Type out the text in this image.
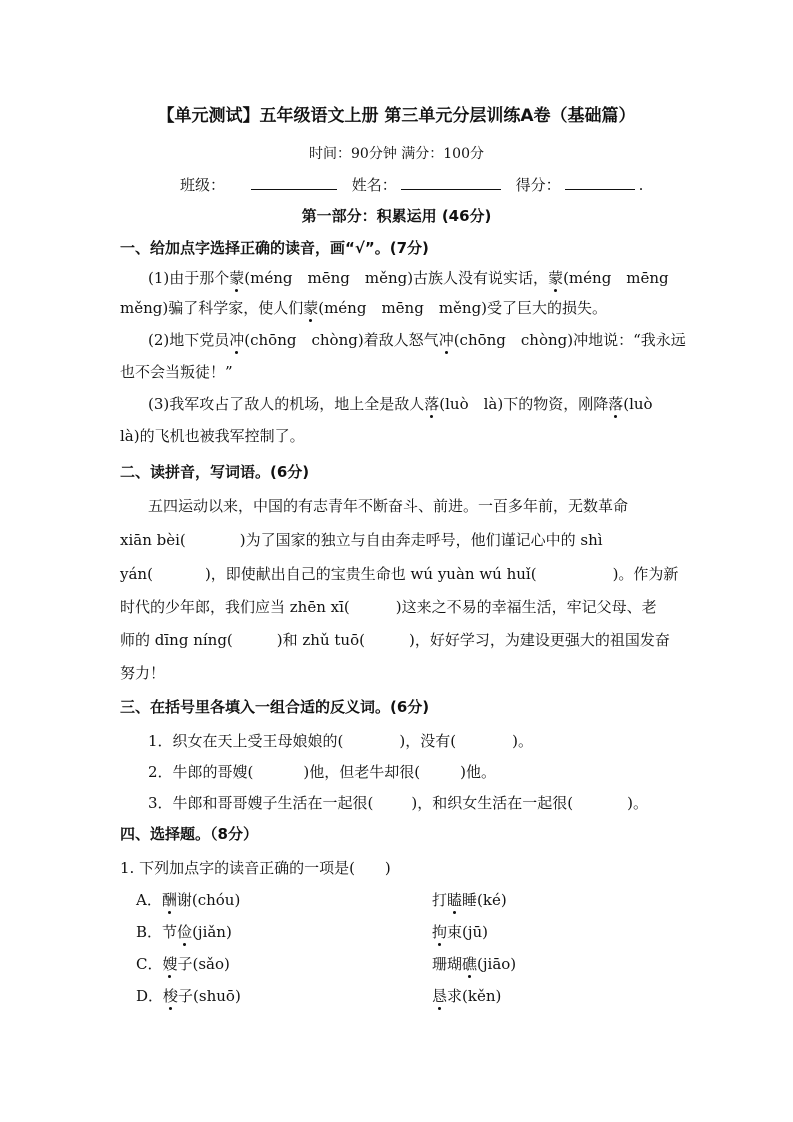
【单元测试】五年级语文上册 第三单元分层训练A卷（基础篇）
时间：90分钟 满分：100分
班级：	姓名：	得分：	.
第一部分：积累运用 (46分)
一、给加点字选择正确的读音，画“√”。(7分)
(1)由于那个蒙(méng　mēng　měng)古族人没有说实话，蒙(méng　mēng
měng)骗了科学家，使人们蒙(méng　mēng　měng)受了巨大的损失。
(2)地下党员冲(chōng　chòng)着敌人怒气冲(chōng　chòng)冲地说：“我永远
也不会当叛徒！”
(3)我军攻占了敌人的机场，地上全是敌人落(luò　là)下的物资，刚降落(luò
là)的飞机也被我军控制了。
二、读拼音，写词语。(6分)
五四运动以来，中国的有志青年不断奋斗、前进。一百多年前，无数革命
xiān bèi(	)为了国家的独立与自由奔走呼号，他们谨记心中的 shì
yán(	)，即使献出自己的宝贵生命也 wú yuàn wú huǐ(	)。作为新
时代的少年郎，我们应当 zhēn xī(	)这来之不易的幸福生活，牢记父母、老
师的 dīng níng(	)和 zhǔ tuō(	)，好好学习，为建设更强大的祖国发奋
努力！
三、在括号里各填入一组合适的反义词。(6分)
1．织女在天上受王母娘娘的(	)，没有(	)。
2．牛郎的哥嫂(	)他，但老牛却很(	)他。
3．牛郎和哥哥嫂子生活在一起很(	)，和织女生活在一起很(	)。
四、选择题。（8分）
1. 下列加点字的读音正确的一项是(　　)
A．酬谢(chóu)	打瞌睡(ké)
B．节俭(jiǎn)	拘束(jū)
C．嫂子(sǎo)	珊瑚礁(jiāo)
D．梭子(shuō)	恳求(kěn)
